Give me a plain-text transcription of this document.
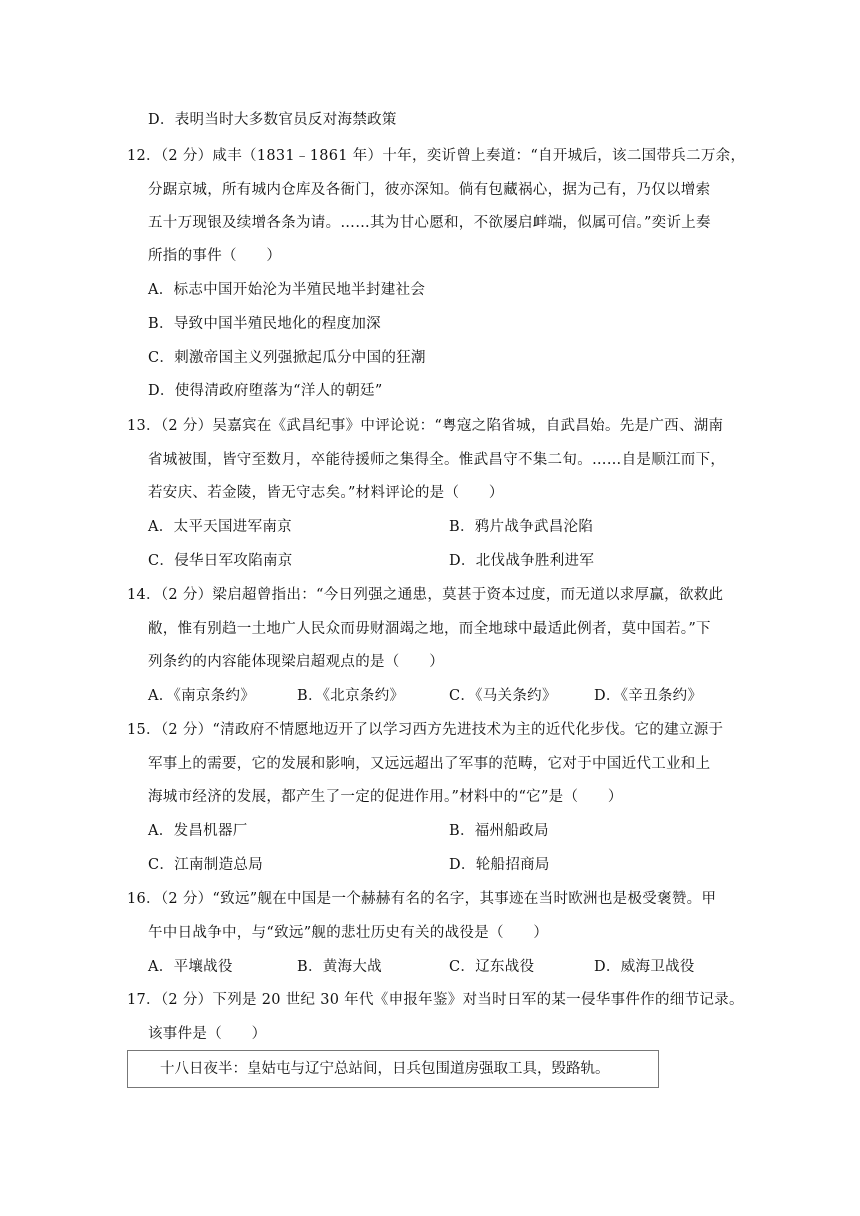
D．表明当时大多数官员反对海禁政策
12．（2 分）咸丰（1831﹣1861 年）十年，奕䜣曾上奏道：“自开城后，该二国带兵二万余，
分踞京城，所有城内仓库及各衙门，彼亦深知。倘有包藏祸心，据为己有，乃仅以增索
五十万现银及续增各条为请。……其为甘心愿和，不欲屡启衅端，似属可信。”奕䜣上奏
所指的事件（　　）
A．标志中国开始沦为半殖民地半封建社会
B．导致中国半殖民地化的程度加深
C．刺激帝国主义列强掀起瓜分中国的狂潮
D．使得清政府堕落为“洋人的朝廷”
13．（2 分）吴嘉宾在《武昌纪事》中评论说：“粤寇之陷省城，自武昌始。先是广西、湖南
省城被围，皆守至数月，卒能待援师之集得全。惟武昌守不集二旬。……自是顺江而下，
若安庆、若金陵，皆无守志矣。”材料评论的是（　　）
A．太平天国进军南京	B．鸦片战争武昌沦陷
C．侵华日军攻陷南京	D．北伐战争胜利进军
14．（2 分）梁启超曾指出：“今日列强之通患，莫甚于资本过度，而无道以求厚赢，欲救此
敝，惟有别趋一土地广人民众而毋财涸竭之地，而全地球中最适此例者，莫中国若。”下
列条约的内容能体现梁启超观点的是（　　）
A．《南京条约》	B．《北京条约》	C．《马关条约》	D．《辛丑条约》
15．（2 分）“清政府不情愿地迈开了以学习西方先进技术为主的近代化步伐。它的建立源于
军事上的需要，它的发展和影响，又远远超出了军事的范畴，它对于中国近代工业和上
海城市经济的发展，都产生了一定的促进作用。”材料中的“它”是（　　）
A．发昌机器厂	B．福州船政局
C．江南制造总局	D．轮船招商局
16．（2 分）“致远”舰在中国是一个赫赫有名的名字，其事迹在当时欧洲也是极受褒赞。甲
午中日战争中，与“致远”舰的悲壮历史有关的战役是（　　）
A．平壤战役	B．黄海大战	C．辽东战役	D．威海卫战役
17．（2 分）下列是 20 世纪 30 年代《申报年鉴》对当时日军的某一侵华事件作的细节记录。
该事件是（　　）
十八日夜半：皇姑屯与辽宁总站间，日兵包围道房强取工具，毁路轨。
